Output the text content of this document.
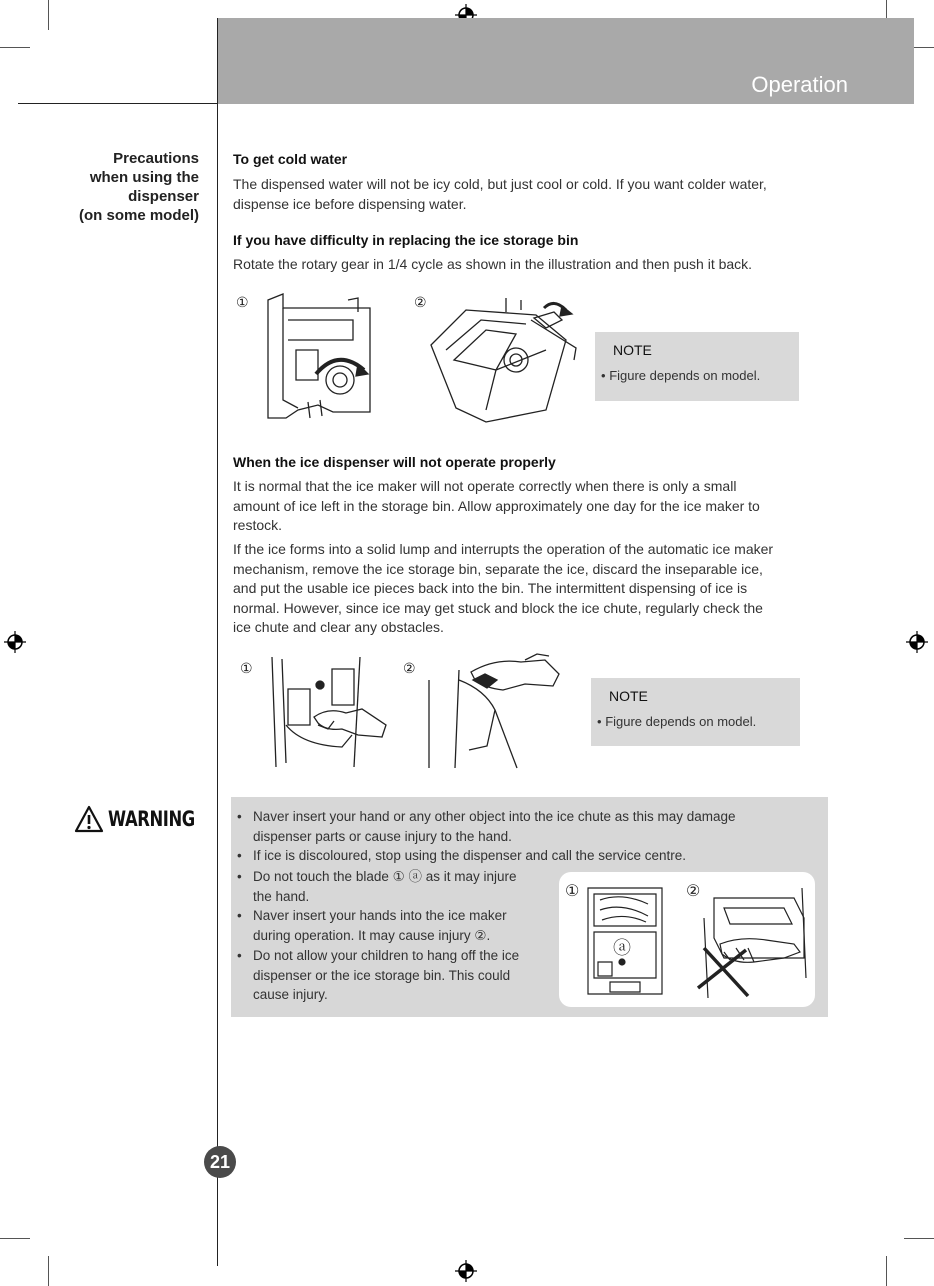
Operation
Precautions
when using the
dispenser
(on some model)
To get cold water
The dispensed water will not be icy cold, but just cool or cold. If you want colder water,
dispense ice before dispensing water.
If you have difficulty in replacing the ice storage bin
Rotate the rotary gear in 1/4 cycle as shown in the illustration and then push it back.
①	②
NOTE
• Figure depends on model.
When the ice dispenser will not operate properly
It is normal that the ice maker will not operate correctly when there is only a small
amount of ice left in the storage bin. Allow approximately one day for the ice maker to
restock.
If the ice forms into a solid lump and interrupts the operation of the automatic ice maker
mechanism, remove the ice storage bin, separate the ice, discard the inseparable ice,
and put the usable ice pieces back into the bin. The intermittent dispensing of ice is
normal. However, since ice may get stuck and block the ice chute, regularly check the
ice chute and clear any obstacles.
①	②
NOTE
• Figure depends on model.
WARNING	• Naver insert your hand or any other object into the ice chute as this may damage
dispenser parts or cause injury to the hand.
• If ice is discoloured, stop using the dispenser and call the service centre.
• Do not touch the blade ① ⓐ as it may injure
the hand.
• Naver insert your hands into the ice maker
during operation. It may cause injury ②.
• Do not allow your children to hang off the ice
dispenser or the ice storage bin. This could
cause injury.
①
ⓐ
②
21
